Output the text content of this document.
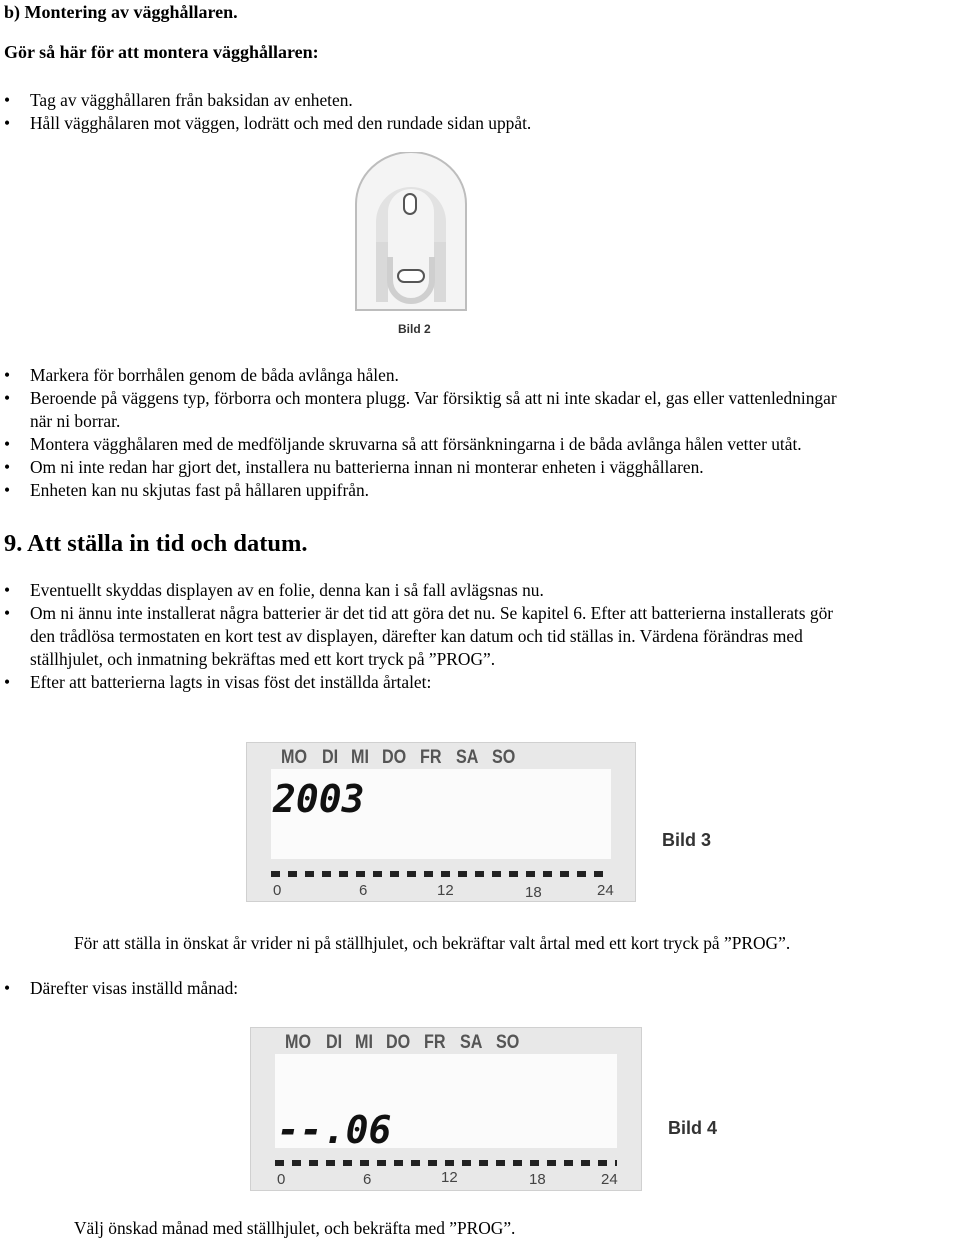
b) Montering av vägghållaren.
Gör så här för att montera vägghållaren:
• Tag av vägghållaren från baksidan av enheten.
• Håll vägghålaren mot väggen, lodrätt och med den rundade sidan uppåt.
Bild 2
• Markera för borrhålen genom de båda avlånga hålen.
• Beroende på väggens typ, förborra och montera plugg. Var försiktig så att ni inte skadar el, gas eller vattenledningar
när ni borrar.
• Montera vägghålaren med de medföljande skruvarna så att försänkningarna i de båda avlånga hålen vetter utåt.
• Om ni inte redan har gjort det, installera nu batterierna innan ni monterar enheten i vägghållaren.
• Enheten kan nu skjutas fast på hållaren uppifrån.
9. Att ställa in tid och datum.
• Eventuellt skyddas displayen av en folie, denna kan i så fall avlägsnas nu.
• Om ni ännu inte installerat några batterier är det tid att göra det nu. Se kapitel 6. Efter att batterierna installerats gör
den trådlösa termostaten en kort test av displayen, därefter kan datum och tid ställas in. Värdena förändras med
ställhjulet, och inmatning bekräftas med ett kort tryck på ”PROG”.
• Efter att batterierna lagts in visas föst det inställda årtalet:
MO DI MI DO FR SA SO
2003
0	6	12	18	24
Bild 3
För att ställa in önskat år vrider ni på ställhjulet, och bekräftar valt årtal med ett kort tryck på ”PROG”.
• Därefter visas inställd månad:
MO DI MI DO FR SA SO
--.06
0	6	12	18	24
Bild 4
Välj önskad månad med ställhjulet, och bekräfta med ”PROG”.
